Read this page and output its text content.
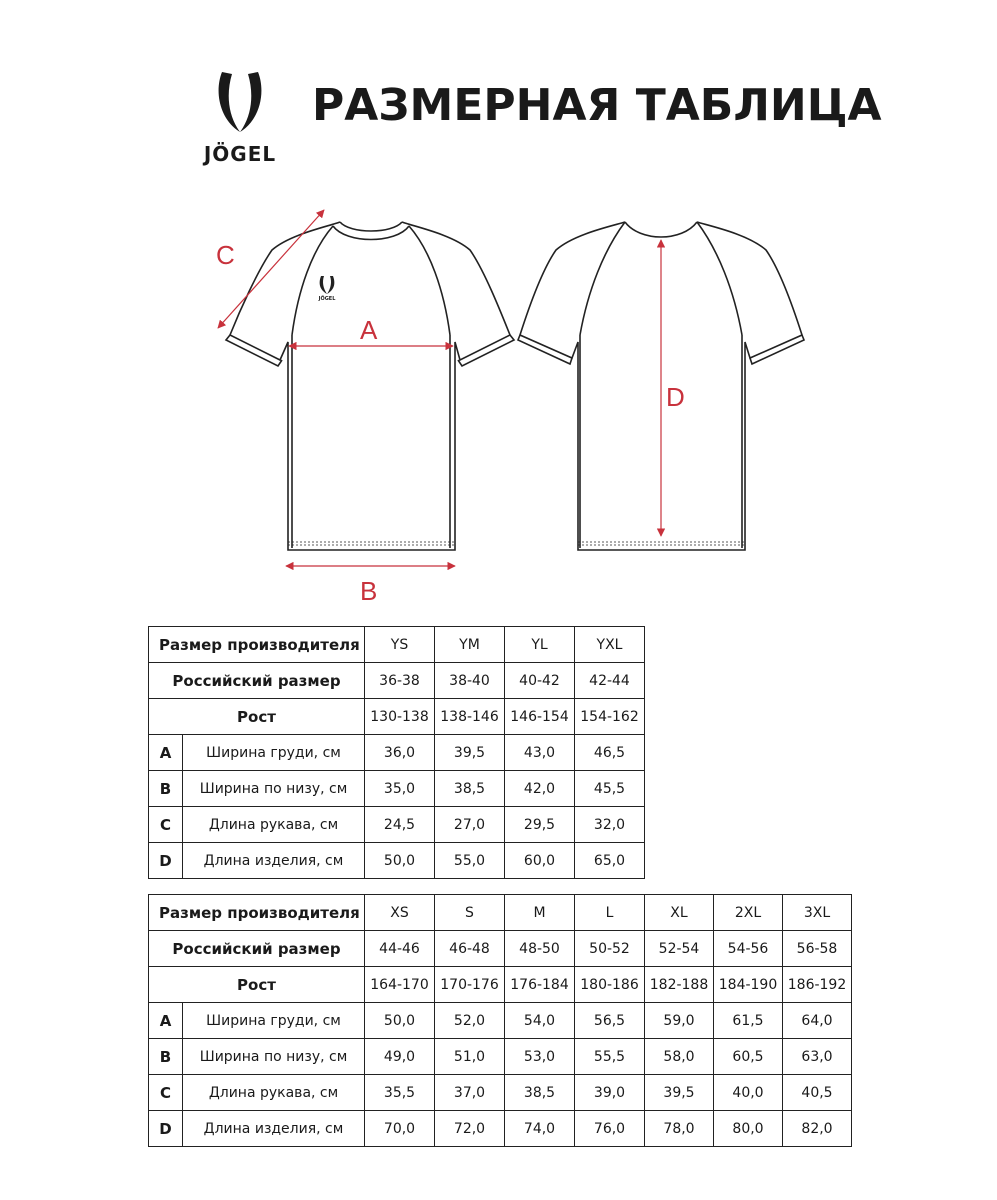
JÖGEL
РАЗМЕРНАЯ ТАБЛИЦА
JÖGEL
A
B
C
D
Размер производителя		YS	YM	YL	YXL
Российский размер		36-38	38-40	40-42	42-44
Рост		130-138	138-146	146-154	154-162
A	Ширина груди, см	36,0	39,5	43,0	46,5
B	Ширина по низу, см	35,0	38,5	42,0	45,5
C	Длина рукава, см	24,5	27,0	29,5	32,0
D	Длина изделия, см	50,0	55,0	60,0	65,0
Размер производителя		XS	S	M	L	XL	2XL	3XL
Российский размер		44-46	46-48	48-50	50-52	52-54	54-56	56-58
Рост		164-170	170-176	176-184	180-186	182-188	184-190	186-192
A	Ширина груди, см	50,0	52,0	54,0	56,5	59,0	61,5	64,0
B	Ширина по низу, см	49,0	51,0	53,0	55,5	58,0	60,5	63,0
C	Длина рукава, см	35,5	37,0	38,5	39,0	39,5	40,0	40,5
D	Длина изделия, см	70,0	72,0	74,0	76,0	78,0	80,0	82,0
